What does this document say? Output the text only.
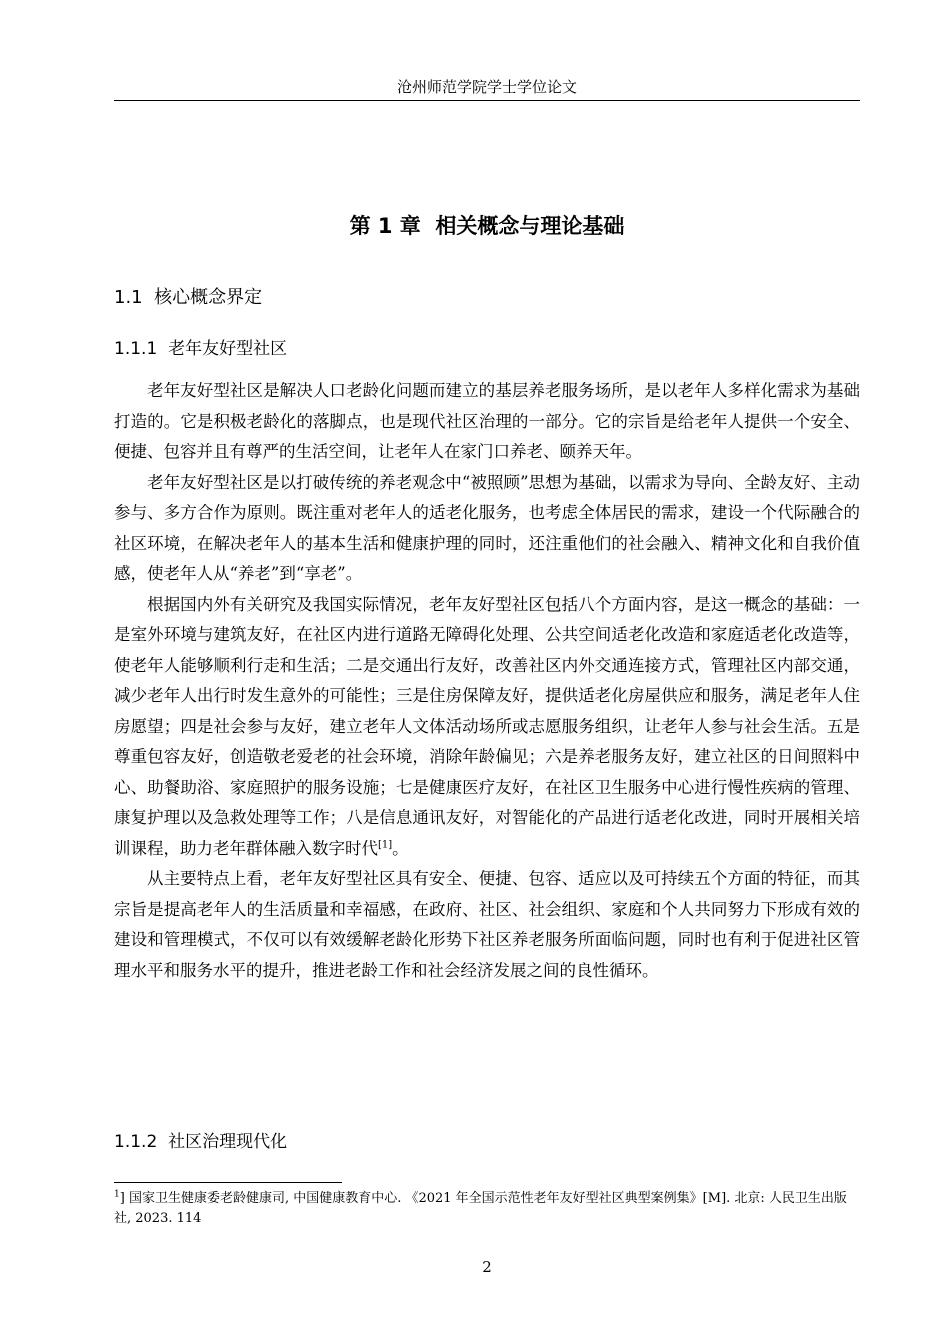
沧州师范学院学士学位论文
第 1 章  相关概念与理论基础
1.1  核心概念界定
1.1.1  老年友好型社区

老年友好型社区是解决人口老龄化问题而建立的基层养老服务场所，是以老年人多样化需求为基础打造的。它是积极老龄化的落脚点，也是现代社区治理的一部分。它的宗旨是给老年人提供一个安全、便捷、包容并且有尊严的生活空间，让老年人在家门口养老、颐养天年。

老年友好型社区是以打破传统的养老观念中“被照顾”思想为基础，以需求为导向、全龄友好、主动参与、多方合作为原则。既注重对老年人的适老化服务，也考虑全体居民的需求，建设一个代际融合的社区环境，在解决老年人的基本生活和健康护理的同时，还注重他们的社会融入、精神文化和自我价值感，使老年人从“养老”到“享老”。

根据国内外有关研究及我国实际情况，老年友好型社区包括八个方面内容，是这一概念的基础：一是室外环境与建筑友好，在社区内进行道路无障碍化处理、公共空间适老化改造和家庭适老化改造等，使老年人能够顺利行走和生活；二是交通出行友好，改善社区内外交通连接方式，管理社区内部交通，减少老年人出行时发生意外的可能性；三是住房保障友好，提供适老化房屋供应和服务，满足老年人住房愿望；四是社会参与友好，建立老年人文体活动场所或志愿服务组织，让老年人参与社会生活。五是尊重包容友好，创造敬老爱老的社会环境，消除年龄偏见；六是养老服务友好，建立社区的日间照料中心、助餐助浴、家庭照护的服务设施；七是健康医疗友好，在社区卫生服务中心进行慢性疾病的管理、康复护理以及急救处理等工作；八是信息通讯友好，对智能化的产品进行适老化改进，同时开展相关培训课程，助力老年群体融入数字时代[1]。

从主要特点上看，老年友好型社区具有安全、便捷、包容、适应以及可持续五个方面的特征，而其宗旨是提高老年人的生活质量和幸福感，在政府、社区、社会组织、家庭和个人共同努力下形成有效的建设和管理模式，不仅可以有效缓解老龄化形势下社区养老服务所面临问题，同时也有利于促进社区管理水平和服务水平的提升，推进老龄工作和社会经济发展之间的良性循环。

1.1.2  社区治理现代化
$^1$] 国家卫生健康委老龄健康司, 中国健康教育中心. 《2021 年全国示范性老年友好型社区典型案例集》[M]. 北京: 人民卫生出版社, 2023. 114
2
